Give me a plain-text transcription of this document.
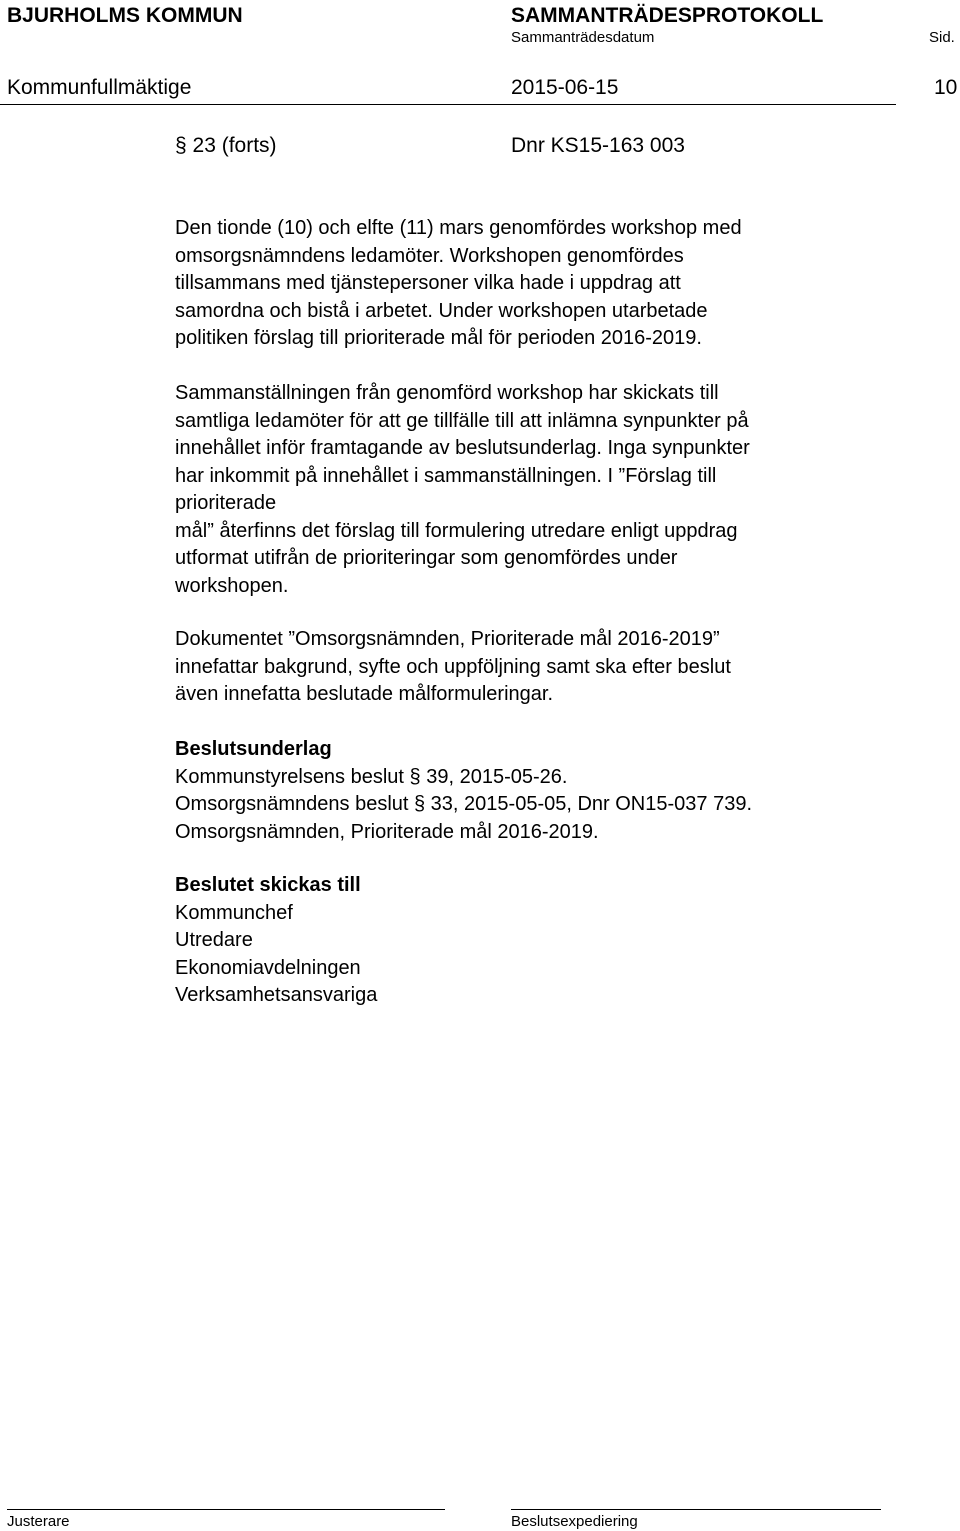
BJURHOLMS KOMMUN	SAMMANTRÄDESPROTOKOLL
Sammanträdesdatum	Sid.
Kommunfullmäktige	2015-06-15	10
§ 23 (forts)	Dnr KS15-163 003

Den tionde (10) och elfte (11) mars genomfördes workshop med
omsorgsnämndens ledamöter. Workshopen genomfördes
tillsammans med tjänstepersoner vilka hade i uppdrag att
samordna och bistå i arbetet. Under workshopen utarbetade
politiken förslag till prioriterade mål för perioden 2016-2019.

Sammanställningen från genomförd workshop har skickats till
samtliga ledamöter för att ge tillfälle till att inlämna synpunkter på
innehållet inför framtagande av beslutsunderlag. Inga synpunkter
har inkommit på innehållet i sammanställningen. I ”Förslag till
prioriterade
mål” återfinns det förslag till formulering utredare enligt uppdrag
utformat utifrån de prioriteringar som genomfördes under
workshopen.

Dokumentet ”Omsorgsnämnden, Prioriterade mål 2016-2019”
innefattar bakgrund, syfte och uppföljning samt ska efter beslut
även innefatta beslutade målformuleringar.

Beslutsunderlag

Kommunstyrelsens beslut § 39, 2015-05-26.

Omsorgsnämndens beslut § 33, 2015-05-05, Dnr ON15-037 739.

Omsorgsnämnden, Prioriterade mål 2016-2019.

Beslutet skickas till

Kommunchef

Utredare

Ekonomiavdelningen

Verksamhetsansvariga

Justerare	Beslutsexpediering
